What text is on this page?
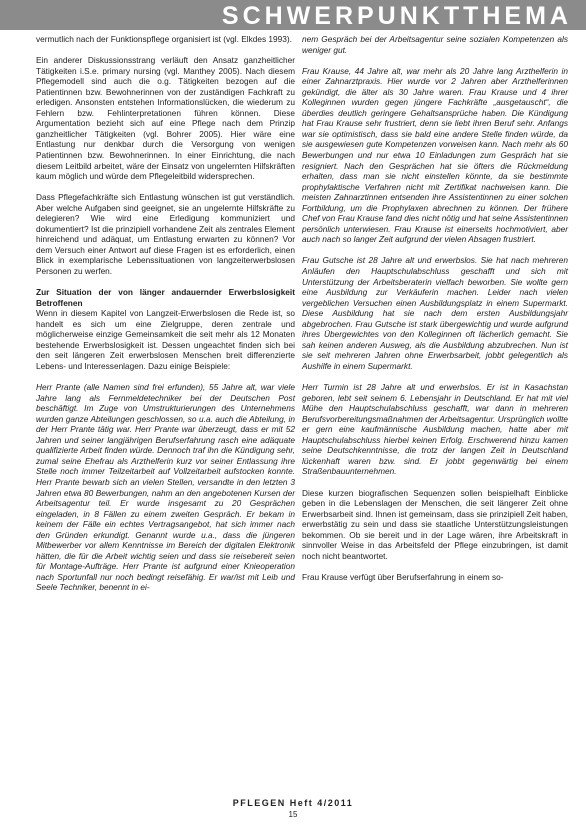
SCHWERPUNKTTHEMA

vermutlich nach der Funktionspflege organisiert ist (vgl. Elkdes 1993).

Ein anderer Diskussionsstrang verläuft den Ansatz ganzheitlicher Tätigkeiten i.S.e. primary nursing (vgl. Manthey 2005). Nach diesem Pflegemodell sind auch die o.g. Tätigkeiten bezogen auf die Patientinnen bzw. Bewohnerinnen von der zuständigen Fachkraft zu erledigen. Ansonsten entstehen Informationslücken, die wiederum zu Fehlern bzw. Fehlinterpretationen führen können. Diese Argumentation bezieht sich auf eine Pflege nach dem Prinzip ganzheitlicher Tätigkeiten (vgl. Bohrer 2005). Hier wäre eine Entlastung nur denkbar durch die Versorgung von wenigen Patientinnen bzw. Bewohnerinnen. In einer Einrichtung, die nach diesem Leitbild arbeitet, wäre der Einsatz von ungelernten Hilfskräften kaum möglich und würde dem Pflegeleitbild widersprechen.

Dass Pflegefachkräfte sich Entlastung wünschen ist gut verständlich. Aber welche Aufgaben sind geeignet, sie an ungelernte Hilfskräfte zu delegieren? Wie wird eine Erledigung kommuniziert und dokumentiert? Ist die prinzipiell vorhandene Zeit als zentrales Element hinreichend und adäquat, um Entlastung erwarten zu können? Vor dem Versuch einer Antwort auf diese Fragen ist es erforderlich, einen Blick in exemplarische Lebenssituationen von langzeiterwerbslosen Personen zu werfen.

Zur Situation der von länger andauernder Erwerbslosigkeit Betroffenen

Wenn in diesem Kapitel von Langzeit-Erwerbslosen die Rede ist, so handelt es sich um eine Zielgruppe, deren zentrale und möglicherweise einzige Gemeinsamkeit die seit mehr als 12 Monaten bestehende Erwerbslosigkeit ist. Dessen ungeachtet finden sich bei den seit längeren Zeit erwerbslosen Menschen breit differenzierte Lebens- und Interessenlagen. Dazu einige Beispiele:

Herr Prante (alle Namen sind frei erfunden), 55 Jahre alt, war viele Jahre lang als Fernmeldetechniker bei der Deutschen Post beschäftigt. Im Zuge von Umstrukturierungen des Unternehmens wurden ganze Abteilungen geschlossen, so u.a. auch die Abteilung, in der Herr Prante tätig war. Herr Prante war überzeugt, dass er mit 52 Jahren und seiner langjährigen Berufserfahrung rasch eine adäquate qualifizierte Arbeit finden würde. Dennoch traf ihn die Kündigung sehr, zumal seine Ehefrau als Arzthelferin kurz vor seiner Entlassung ihre Stelle noch immer Teilzeitarbeit auf Vollzeitarbeit aufstocken konnte. Herr Prante bewarb sich an vielen Stellen, versandte in den letzten 3 Jahren etwa 80 Bewerbungen, nahm an den angebotenen Kursen der Arbeitsagentur teil. Er wurde insgesamt zu 20 Gesprächen eingeladen, in 8 Fällen zu einem zweiten Gespräch. Er bekam in keinem der Fälle ein echtes Vertragsangebot, hat sich immer nach den Gründen erkundigt. Genannt wurde u.a., dass die jüngeren Mitbewerber vor allem Kenntnisse im Bereich der digitalen Elektronik hätten, die für die Arbeit wichtig seien und dass sie reisebereit seien für Montage-Aufträge. Herr Prante ist aufgrund einer Knieoperation nach Sportunfall nur noch bedingt reisefähig. Er war/ist mit Leib und Seele Techniker, benennt in ei-

nem Gespräch bei der Arbeitsagentur seine sozialen Kompetenzen als weniger gut.

Frau Krause, 44 Jahre alt, war mehr als 20 Jahre lang Arzthelferin in einer Zahnarztpraxis. Hier wurde vor 2 Jahren aber Arzthelferinnen gekündigt, die älter als 30 Jahre waren. Frau Krause und 4 ihrer Kolleginnen wurden gegen jüngere Fachkräfte „ausgetauscht“, die überdies deutlich geringere Gehaltsansprüche haben. Die Kündigung hat Frau Krause sehr frustriert, denn sie liebt ihren Beruf sehr. Anfangs war sie optimistisch, dass sie bald eine andere Stelle finden würde, da sie ausgewiesen gute Kompetenzen vorweisen kann. Nach mehr als 60 Bewerbungen und nur etwa 10 Einladungen zum Gespräch hat sie resigniert. Nach den Gesprächen hat sie öfters die Rückmeldung erhalten, dass man sie nicht einstellen könnte, da sie bestimmte prophylaktische Verfahren nicht mit Zertifikat nachweisen kann. Die meisten Zahnarztinnen entsenden ihre Assistentinnen zu einer solchen Fortbildung, um die Prophylaxen abrechnen zu können. Der frühere Chef von Frau Krause fand dies nicht nötig und hat seine Assistentinnen persönlich unterwiesen. Frau Krause ist einerseits hochmotiviert, aber auch nach so langer Zeit aufgrund der vielen Absagen frustriert.

Frau Gutsche ist 28 Jahre alt und erwerbslos. Sie hat nach mehreren Anläufen den Hauptschulabschluss geschafft und sich mit Unterstützung der Arbeitsberaterin vielfach beworben. Sie wollte gern eine Ausbildung zur Verkäuferin machen. Leider nach vielen vergeblichen Versuchen einen Ausbildungsplatz in einem Supermarkt. Diese Ausbildung hat sie nach dem ersten Ausbildungsjahr abgebrochen. Frau Gutsche ist stark übergewichtig und wurde aufgrund ihres Übergewichtes von den Kolleginnen oft lächerlich gemacht. Sie sah keinen anderen Ausweg, als die Ausbildung abzubrechen. Nun ist sie seit mehreren Jahren ohne Erwerbsarbeit, jobbt gelegentlich als Aushilfe in einem Supermarkt.

Herr Turmin ist 28 Jahre alt und erwerbslos. Er ist in Kasachstan geboren, lebt seit seinem 6. Lebensjahr in Deutschland. Er hat mit viel Mühe den Hauptschulabschluss geschafft, war dann in mehreren Berufsvorbereitungsmaßnahmen der Arbeitsagentur. Ursprünglich wollte er gern eine kaufmännische Ausbildung machen, hatte aber mit Hauptschulabschluss hierbei keinen Erfolg. Erschwerend hinzu kamen seine Deutschkenntnisse, die trotz der langen Zeit in Deutschland lückenhaft waren bzw. sind. Er jobbt gegenwärtig bei einem Straßenbauunternehmen.

Diese kurzen biografischen Sequenzen sollen beispielhaft Einblicke geben in die Lebenslagen der Menschen, die seit längerer Zeit ohne Erwerbsarbeit sind. Ihnen ist gemeinsam, dass sie prinzipiell Zeit haben, erwerbstätig zu sein und dass sie staatliche Unterstützungsleistungen bekommen. Ob sie bereit und in der Lage wären, ihre Arbeitskraft in sinnvoller Weise in das Arbeitsfeld der Pflege einzubringen, ist damit noch nicht beantwortet.

Frau Krause verfügt über Berufserfahrung in einem so-

PFLEGEN Heft 4/2011
15
